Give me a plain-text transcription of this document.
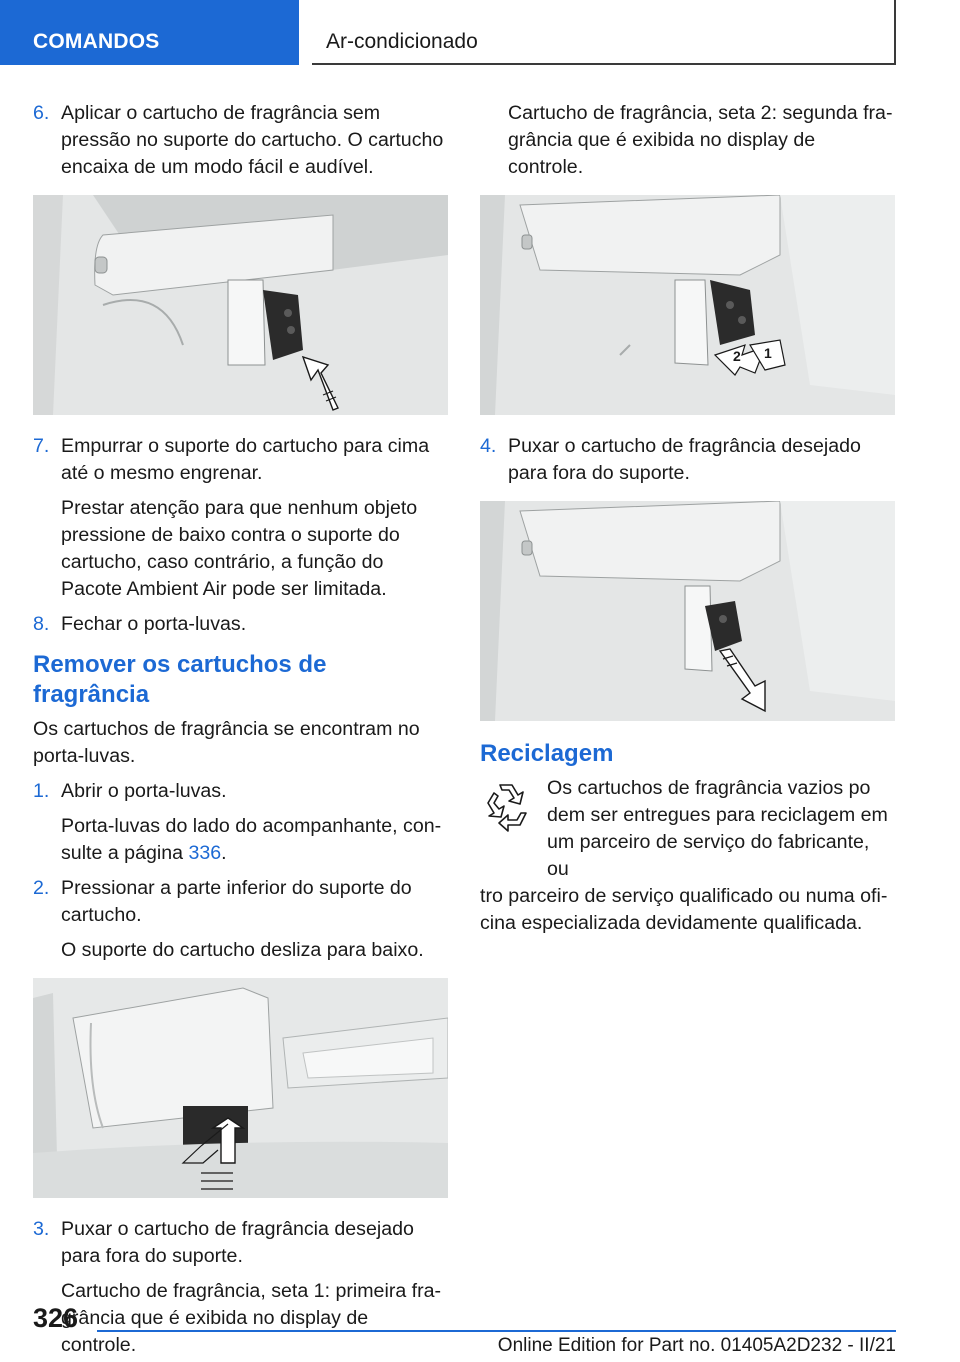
COMANDOS	Ar-condicionado
6. Aplicar o cartucho de fragrância sem pressão no suporte do cartucho. O cartucho encaixa de um modo fácil e audível.

7. Empurrar o suporte do cartucho para cima até o mesmo engrenar.

Prestar atenção para que nenhum objeto pressione de baixo contra o suporte do cartucho, caso contrário, a função do Pacote Ambient Air pode ser limitada.

8. Fechar o porta-luvas.

Remover os cartuchos de fragrância

Os cartuchos de fragrância se encontram no porta-luvas.

1. Abrir o porta-luvas.

Porta-luvas do lado do acompanhante, consulte a página 336.

2. Pressionar a parte inferior do suporte do cartucho.

O suporte do cartucho desliza para baixo.

3. Puxar o cartucho de fragrância desejado para fora do suporte.

Cartucho de fragrância, seta 1: primeira fragrância que é exibida no display de controle.

Cartucho de fragrância, seta 2: segunda fragrância que é exibida no display de controle.

2 1
4. Puxar o cartucho de fragrância desejado para fora do suporte.

Reciclagem

Os cartuchos de fragrância vazios po
dem ser entregues para reciclagem em
um parceiro de serviço do fabricante, ou
tro parceiro de serviço qualificado ou numa oficina especializada devidamente qualificada.

326
Online Edition for Part no. 01405A2D232 - II/21
